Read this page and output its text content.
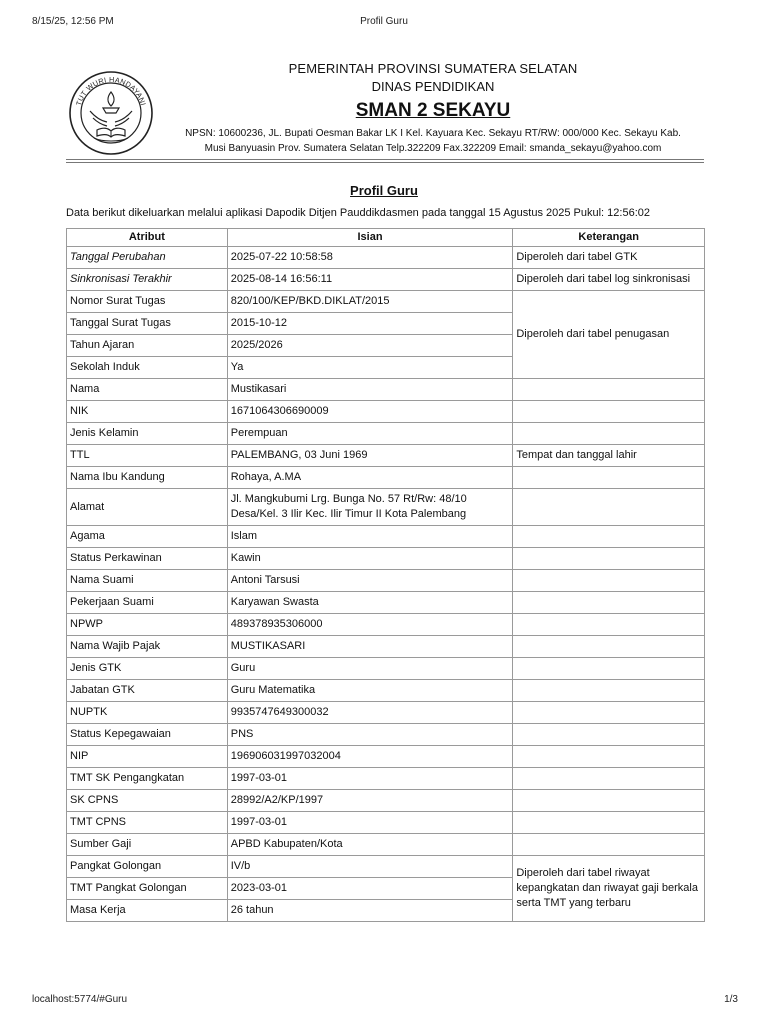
8/15/25, 12:56 PM	Profil Guru
TUT WURI HANDAYANI
PEMERINTAH PROVINSI SUMATERA SELATAN
DINAS PENDIDIKAN
SMAN 2 SEKAYU
NPSN: 10600236, JL. Bupati Oesman Bakar LK I Kel. Kayuara Kec. Sekayu RT/RW: 000/000 Kec. Sekayu Kab.
Musi Banyuasin Prov. Sumatera Selatan Telp.322209 Fax.322209 Email: smanda_sekayu@yahoo.com
Profil Guru
Data berikut dikeluarkan melalui aplikasi Dapodik Ditjen Pauddikdasmen pada tanggal 15 Agustus 2025 Pukul: 12:56:02
Atribut	Isian	Keterangan
Tanggal Perubahan	2025-07-22 10:58:58	Diperoleh dari tabel GTK
Sinkronisasi Terakhir	2025-08-14 16:56:11	Diperoleh dari tabel log sinkronisasi
Nomor Surat Tugas	820/100/KEP/BKD.DIKLAT/2015	Diperoleh dari tabel penugasan
Tanggal Surat Tugas	2015-10-12	
Tahun Ajaran	2025/2026	
Sekolah Induk	Ya	
Nama	Mustikasari	
NIK	1671064306690009	
Jenis Kelamin	Perempuan	
TTL	PALEMBANG, 03 Juni 1969	Tempat dan tanggal lahir
Nama Ibu Kandung	Rohaya, A.MA	
Alamat	Jl. Mangkubumi Lrg. Bunga No. 57 Rt/Rw: 48/10 Desa/Kel. 3 Ilir Kec. Ilir Timur II Kota Palembang	
Agama	Islam	
Status Perkawinan	Kawin	
Nama Suami	Antoni Tarsusi	
Pekerjaan Suami	Karyawan Swasta	
NPWP	489378935306000	
Nama Wajib Pajak	MUSTIKASARI	
Jenis GTK	Guru	
Jabatan GTK	Guru Matematika	
NUPTK	9935747649300032	
Status Kepegawaian	PNS	
NIP	196906031997032004	
TMT SK Pengangkatan	1997-03-01	
SK CPNS	28992/A2/KP/1997	
TMT CPNS	1997-03-01	
Sumber Gaji	APBD Kabupaten/Kota	
Pangkat Golongan	IV/b	Diperoleh dari tabel riwayat kepangkatan dan riwayat gaji berkala serta TMT yang terbaru
TMT Pangkat Golongan	2023-03-01	
Masa Kerja	26 tahun	
localhost:5774/#Guru	1/3
